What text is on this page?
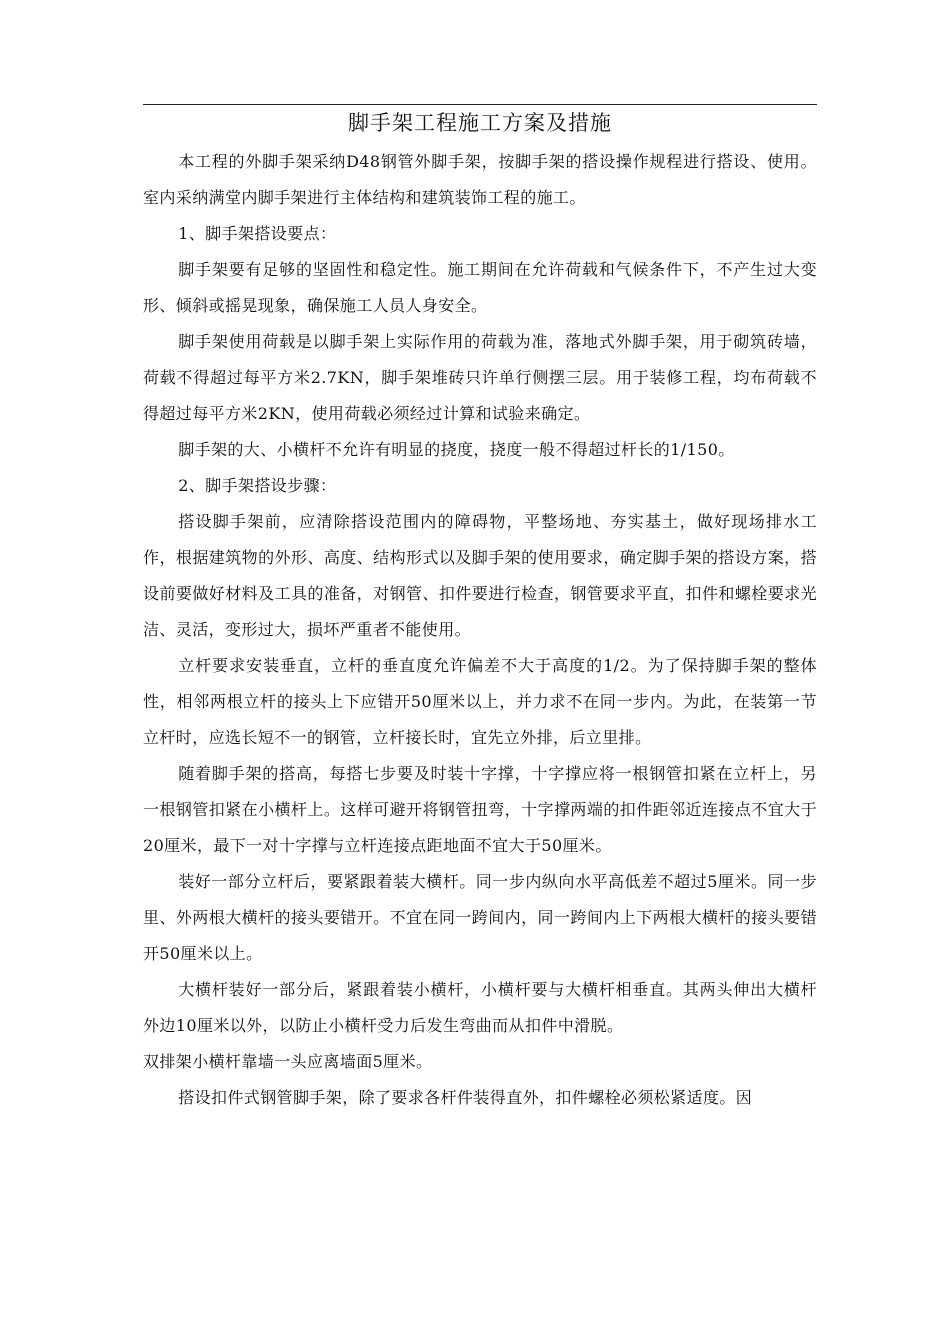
脚手架工程施工方案及措施

本工程的外脚手架采纳D48钢管外脚手架，按脚手架的搭设操作规程进行搭设、使用。室内采纳满堂内脚手架进行主体结构和建筑装饰工程的施工。

1、脚手架搭设要点：

脚手架要有足够的坚固性和稳定性。施工期间在允许荷载和气候条件下，不产生过大变形、倾斜或摇晃现象，确保施工人员人身安全。

脚手架使用荷载是以脚手架上实际作用的荷载为准，落地式外脚手架，用于砌筑砖墙，荷载不得超过每平方米2.7KN，脚手架堆砖只许单行侧摆三层。用于装修工程，均布荷载不得超过每平方米2KN，使用荷载必须经过计算和试验来确定。

脚手架的大、小横杆不允许有明显的挠度，挠度一般不得超过杆长的1/150。

2、脚手架搭设步骤：

搭设脚手架前，应清除搭设范围内的障碍物，平整场地、夯实基土，做好现场排水工作，根据建筑物的外形、高度、结构形式以及脚手架的使用要求，确定脚手架的搭设方案，搭设前要做好材料及工具的准备，对钢管、扣件要进行检查，钢管要求平直，扣件和螺栓要求光洁、灵活，变形过大，损坏严重者不能使用。

立杆要求安装垂直，立杆的垂直度允许偏差不大于高度的1/2。为了保持脚手架的整体性，相邻两根立杆的接头上下应错开50厘米以上，并力求不在同一步内。为此，在装第一节立杆时，应选长短不一的钢管，立杆接长时，宜先立外排，后立里排。

随着脚手架的搭高，每搭七步要及时装十字撑，十字撑应将一根钢管扣紧在立杆上，另一根钢管扣紧在小横杆上。这样可避开将钢管扭弯，十字撑两端的扣件距邻近连接点不宜大于20厘米，最下一对十字撑与立杆连接点距地面不宜大于50厘米。

装好一部分立杆后，要紧跟着装大横杆。同一步内纵向水平高低差不超过5厘米。同一步里、外两根大横杆的接头要错开。不宜在同一跨间内，同一跨间内上下两根大横杆的接头要错开50厘米以上。

大横杆装好一部分后，紧跟着装小横杆，小横杆要与大横杆相垂直。其两头伸出大横杆外边10厘米以外，以防止小横杆受力后发生弯曲而从扣件中滑脱。

双排架小横杆靠墙一头应离墙面5厘米。

搭设扣件式钢管脚手架，除了要求各杆件装得直外，扣件螺栓必须松紧适度。因
